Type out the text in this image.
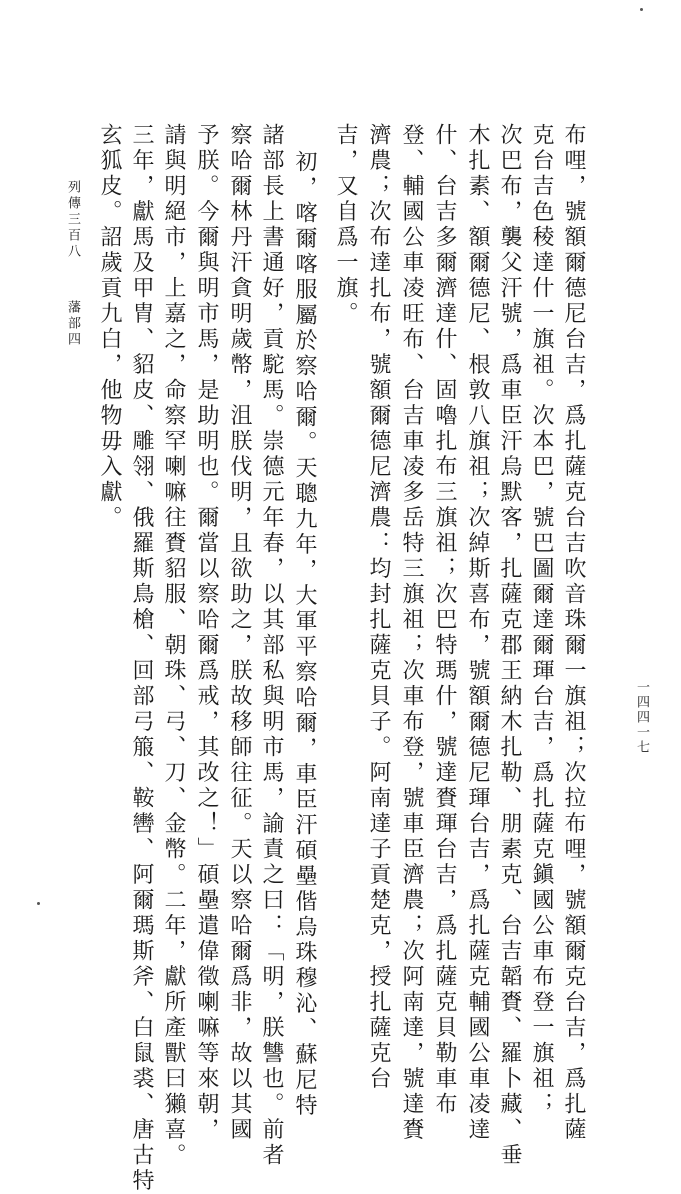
布哩，號額爾德尼台吉，爲扎薩克台吉吹音珠爾一旗祖；次拉布哩，號額爾克台吉，爲扎薩
克台吉色稜達什一旗祖。次本巴，號巴圖爾達爾琿台吉，爲扎薩克鎭國公車布登一旗祖；
次巴布，襲父汗號，爲車臣汗烏默客，扎薩克郡王納木扎勒、朋素克、台吉韜賚、羅卜藏、垂
木扎素、額爾德尼、根敦八旗祖；次綽斯喜布，號額爾德尼琿台吉，爲扎薩克輔國公車凌達
什、台吉多爾濟達什、固嚕扎布三旗祖；次巴特瑪什，號達賚琿台吉，爲扎薩克貝勒車布
登、輔國公車凌旺布、台吉車凌多岳特三旗祖；次車布登，號車臣濟農；次阿南達，號達賚
濟農；次布達扎布，號額爾德尼濟農：均封扎薩克貝子。阿南達子貢楚克，授扎薩克台
吉，又自爲一旗。
初，喀爾喀服屬於察哈爾。天聰九年，大軍平察哈爾，車臣汗碩壘偕烏珠穆沁、蘇尼特
諸部長上書通好，貢駝馬。崇德元年春，以其部私與明市馬，諭責之曰：「明，朕讐也。前者
察哈爾林丹汗貪明歲幣，沮朕伐明，且欲助之，朕故移師往征。天以察哈爾爲非，故以其國
予朕。今爾與明市馬，是助明也。爾當以察哈爾爲戒，其改之！」碩壘遣偉徵喇嘛等來朝，
請與明絕市，上嘉之，命察罕喇嘛往賚貂服、朝珠、弓、刀、金幣。二年，獻所產獸曰獺喜。
三年，獻馬及甲胄、貂皮、雕翎、俄羅斯鳥槍、回部弓箙、鞍轡、阿爾瑪斯斧、白鼠裘、唐古特
玄狐皮。詔歲貢九白，他物毋入獻。
列傳三百八
藩部四
一四四一七
